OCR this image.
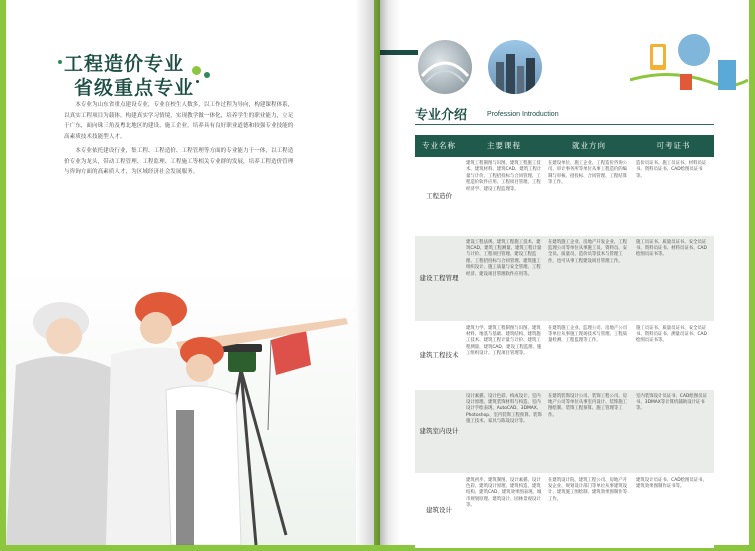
工程造价专业
省级重点专业

本专业为山东省重点建设专业，专业在校生人数多，以工作过程为导向，构建课程体系，以真实工程项目为载体，构建真实学习情境，实现教学做一体化，培养学生的职业能力，立足于广东，面向珠三角及粤北地区的建设、施工企业，培养具有良好职业道德和较强专业技能的高素质技术技能型人才。

本专业依托建设行业，集工程、工程造价、工程管理等方面的专业能力于一体，以工程造价专业为龙头，带动工程管理、工程监理、工程施工等相关专业群的发展，培养工程造价管理与咨询方面的高素质人才，为区域经济社会发展服务。

专业介绍	Profession Introduction
专业名称	主要课程	就业方向	可考证书
工程造价	建筑工程制图与识图、建筑工程施工技术、建筑材料、建筑CAD、建筑工程计量与计价、工程招投标与合同管理、工程造价软件应用、工程项目管理、工程经济学、建设工程监理等。	在建设单位、施工企业、工程造价咨询公司、审计事务所等单位从事工程造价的编制与审核、招投标、合同管理、工程结算等工作。	造价员证书、施工员证书、材料员证书、资料员证书、CAD绘图员证书等。
建设工程管理	建设工程法规、建筑工程施工技术、建筑CAD、建筑工程测量、建筑工程计量与计价、工程项目管理、建设工程监理、工程招投标与合同管理、建筑施工组织设计、施工质量与安全管理、工程经济、建设项目管理软件应用等。	在建筑施工企业、房地产开发企业、工程监理公司等单位从事施工员、资料员、安全员、质量员、造价员等技术与管理工作，也可从事工程建设项目管理工作。	施工员证书、质量员证书、安全员证书、资料员证书、材料员证书、CAD绘图员证书等。
建筑工程技术	建筑力学、建筑工程制图与识图、建筑材料、地基与基础、建筑结构、建筑施工技术、建筑工程计量与计价、建筑工程测量、建筑CAD、建设工程监理、施工组织设计、工程项目管理等。	在建筑施工企业、监理公司、房地产公司等单位从事施工现场技术与管理、工程质量检测、工程监理等工作。	施工员证书、质量员证书、安全员证书、资料员证书、测量员证书、CAD绘图员证书等。
建筑室内设计	设计素描、设计色彩、构成设计、室内设计原理、建筑装饰材料与构造、室内设计手绘表现、AutoCAD、3DMAX、Photoshop、室内装饰工程预算、装饰施工技术、家具与陈设设计等。	在建筑装饰设计公司、装饰工程公司、房地产公司等单位从事室内设计、装饰施工图绘制、装饰工程预算、施工管理等工作。	室内装饰设计员证书、CAD绘图员证书、3DMAX等计算机辅助设计证书等。
建筑设计	建筑初步、建筑制图、设计素描、设计色彩、建筑设计原理、建筑构造、建筑结构、建筑CAD、建筑效果图表现、城市规划原理、建筑设计、园林景观设计等。	在建筑设计院、建筑工程公司、房地产开发企业、规划设计部门等单位从事建筑设计、建筑施工图绘制、建筑效果图制作等工作。	建筑设计员证书、CAD绘图员证书、建筑效果图制作证书等。
